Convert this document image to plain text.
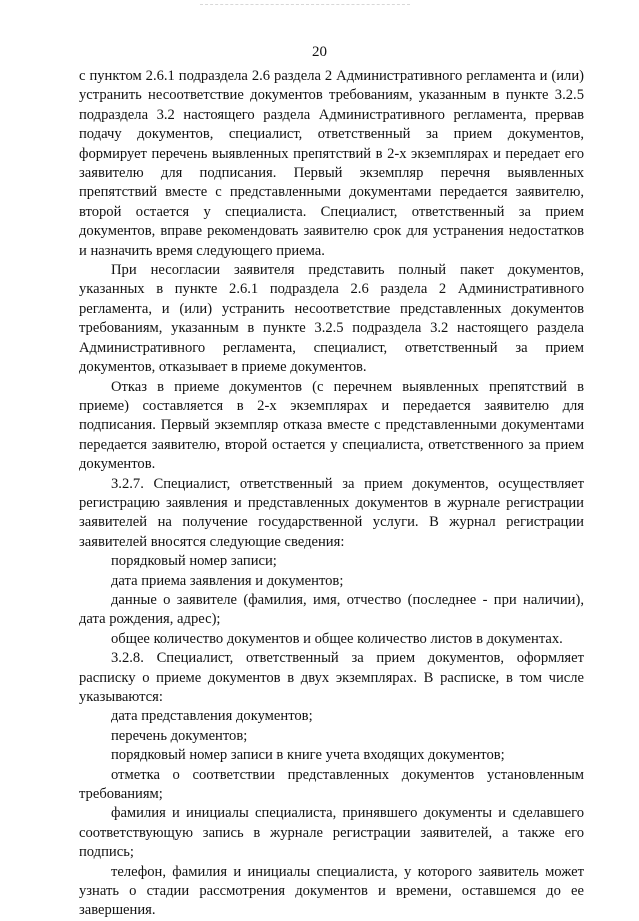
20

с пунктом 2.6.1 подраздела 2.6 раздела 2 Административного регламента и (или) устранить несоответствие документов требованиям, указанным в пункте 3.2.5 подраздела 3.2 настоящего раздела Административного регламента, прервав подачу документов, специалист, ответственный за прием документов, формирует перечень выявленных препятствий в 2-х экземплярах и передает его заявителю для подписания. Первый экземпляр перечня выявленных препятствий вместе с представленными документами передается заявителю, второй остается у специалиста. Специалист, ответственный за прием документов, вправе рекомендовать заявителю срок для устранения недостатков и назначить время следующего приема.

При несогласии заявителя представить полный пакет документов, указанных в пункте 2.6.1 подраздела 2.6 раздела 2 Административного регламента, и (или) устранить несоответствие представленных документов требованиям, указанным в пункте 3.2.5 подраздела 3.2 настоящего раздела Административного регламента, специалист, ответственный за прием документов, отказывает в приеме документов.

Отказ в приеме документов (с перечнем выявленных препятствий в приеме) составляется в 2-х экземплярах и передается заявителю для подписания. Первый экземпляр отказа вместе с представленными документами передается заявителю, второй остается у специалиста, ответственного за прием документов.

3.2.7. Специалист, ответственный за прием документов, осуществляет регистрацию заявления и представленных документов в журнале регистрации заявителей на получение государственной услуги. В журнал регистрации заявителей вносятся следующие сведения:

порядковый номер записи;

дата приема заявления и документов;

данные о заявителе (фамилия, имя, отчество (последнее - при наличии), дата рождения, адрес);

общее количество документов и общее количество листов в документах.

3.2.8. Специалист, ответственный за прием документов, оформляет расписку о приеме документов в двух экземплярах. В расписке, в том числе указываются:

дата представления документов;

перечень документов;

порядковый номер записи в книге учета входящих документов;

отметка о соответствии представленных документов установленным требованиям;

фамилия и инициалы специалиста, принявшего документы и сделавшего соответствующую запись в журнале регистрации заявителей, а также его подпись;

телефон, фамилия и инициалы специалиста, у которого заявитель может узнать о стадии рассмотрения документов и времени, оставшемся до ее завершения.
